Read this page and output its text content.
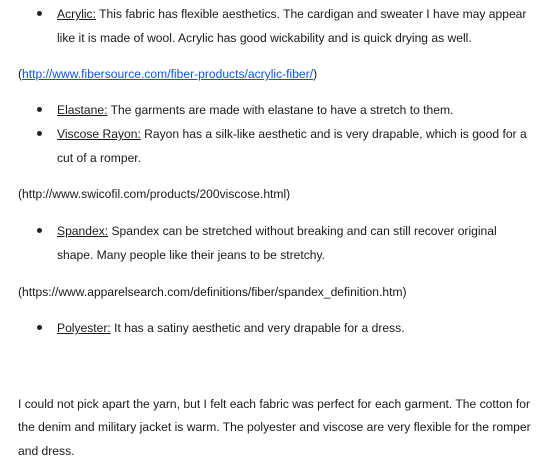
Acrylic: This fabric has flexible aesthetics. The cardigan and sweater I have may appear
like it is made of wool. Acrylic has good wickability and is quick drying as well.
(http://www.fibersource.com/fiber-products/acrylic-fiber/)
Elastane: The garments are made with elastane to have a stretch to them.
Viscose Rayon: Rayon has a silk-like aesthetic and is very drapable, which is good for a
cut of a romper.
(http://www.swicofil.com/products/200viscose.html)
Spandex: Spandex can be stretched without breaking and can still recover original
shape. Many people like their jeans to be stretchy.
(https://www.apparelsearch.com/definitions/fiber/spandex_definition.htm)
Polyester: It has a satiny aesthetic and very drapable for a dress.
I could not pick apart the yarn, but I felt each fabric was perfect for each garment. The cotton for
the denim and military jacket is warm. The polyester and viscose are very flexible for the romper
and dress.
